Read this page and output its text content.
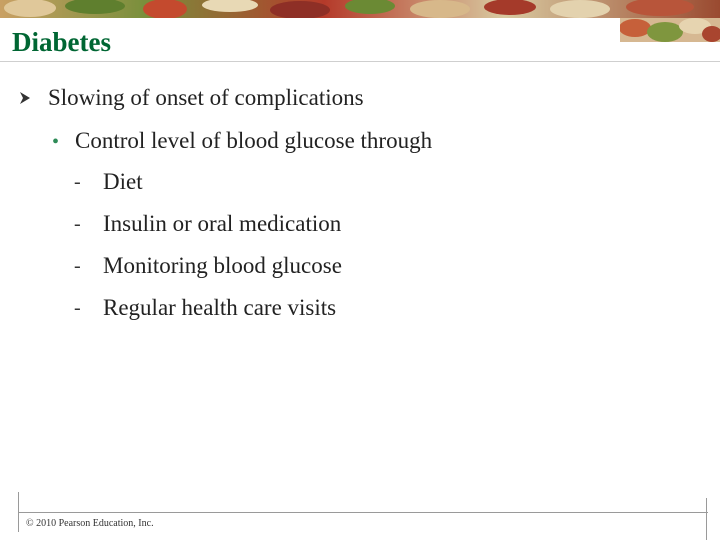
Diabetes
Slowing of onset of complications
• Control level of blood glucose through
- Diet
- Insulin or oral medication
- Monitoring blood glucose
- Regular health care visits
© 2010 Pearson Education, Inc.
